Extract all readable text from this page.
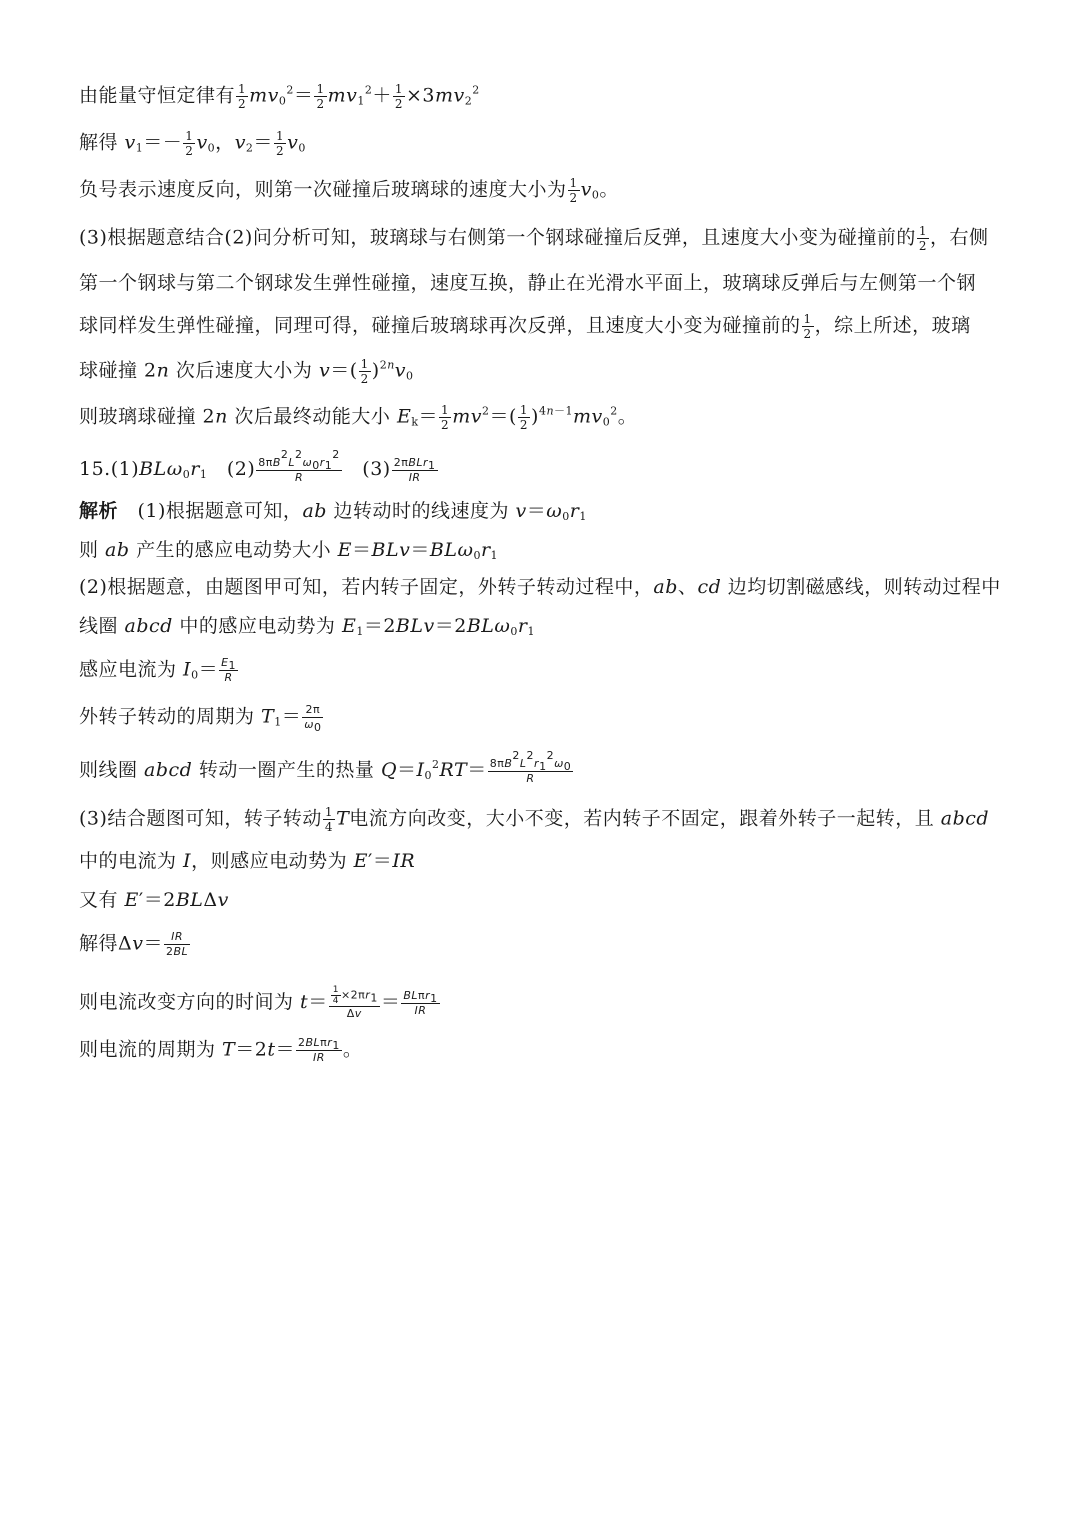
由能量守恒定律有 $\frac{1}{2} mv_0^2= \frac{1}{2} mv_1^2+ \frac{1}{2} \times 3mv_2^2$
解得 $v_1=- \frac{1}{2} v_0$，$v_2= \frac{1}{2} v_0$
负号表示速度反向，则第一次碰撞后玻璃球的速度大小为 $\frac{1}{2} v_0$。
(3)根据题意结合(2)问分析可知，玻璃球与右侧第一个钢球碰撞后反弹，且速度大小变为碰撞前的 $\frac{1}{2}$ ，右侧
第一个钢球与第二个钢球发生弹性碰撞，速度互换，静止在光滑水平面上，玻璃球反弹后与左侧第一个钢
球同样发生弹性碰撞，同理可得，碰撞后玻璃球再次反弹，且速度大小变为碰撞前的 $\frac{1}{2}$ ，综上所述，玻璃
球碰撞 2n 次后速度大小为 $v=( \frac{1}{2} )^{2n}v_0$
则玻璃球碰撞 2n 次后最终动能大小 $E_k= \frac{1}{2} mv^2=( \frac{1}{2} )^{4n-1}mv_0^2$。
$15.(1)BL\omega_0r_1$　$(2) \frac{8\pi B^2L^2\omega_0r_1^2}{R}$ 　$(3) \frac{2\pi BLr_1}{IR}$
解析　(1)根据题意可知，ab 边转动时的线速度为 $v=\omega_0r_1$
则 ab 产生的感应电动势大小 $E=BLv=BL\omega_0r_1$
(2)根据题意，由题图甲可知，若内转子固定，外转子转动过程中，ab、cd 边均切割磁感线，则转动过程中
线圈 abcd 中的感应电动势为 $E_1=2BLv=2BL\omega_0r_1$
感应电流为 $I_0= \frac{E_1}{R}$
外转子转动的周期为 $T_1= \frac{2\pi}{\omega_0}$
则线圈 abcd 转动一圈产生的热量 $Q=I_0^2RT= \frac{8\pi B^2L^2r_1^2\omega_0}{R}$
(3)结合题图可知，转子转动 $\frac{1}{4}$ T电流方向改变，大小不变，若内转子不固定，跟着外转子一起转，且 abcd
中的电流为 I，则感应电动势为 E′＝IR
又有 E′＝2BLΔv
解得$\Delta v= \frac{IR}{2BL}$
则电流改变方向的时间为 $t= \frac{\frac{1}{4} \times 2\pi r_1}{\Delta v} = \frac{BL\pi r_1}{IR}$
则电流的周期为 $T=2t= \frac{2BL\pi r_1}{IR}$ 。
